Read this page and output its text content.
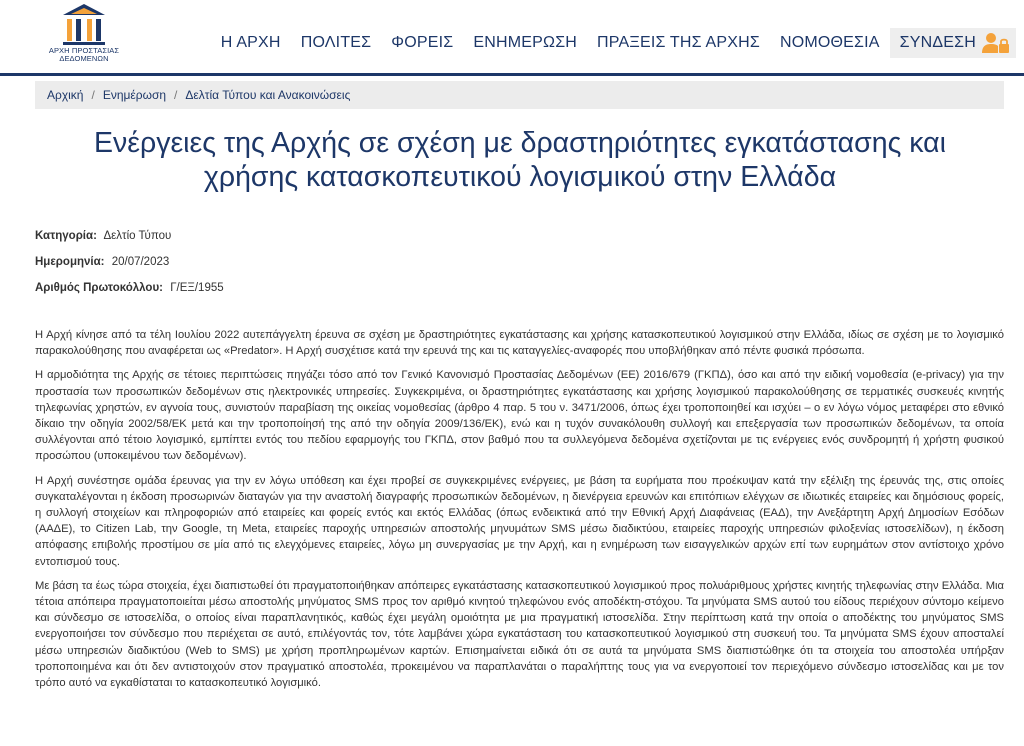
ΑΡΧΗ ΠΡΟΣΤΑΣΙΑΣ
ΔΕΔΟΜΕΝΩΝ
Η ΑΡΧΗ	ΠΟΛΙΤΕΣ	ΦΟΡΕΙΣ	ΕΝΗΜΕΡΩΣΗ	ΠΡΑΞΕΙΣ ΤΗΣ ΑΡΧΗΣ	ΝΟΜΟΘΕΣΙΑ	ΣΥΝΔΕΣΗ
Αρχική / Ενημέρωση / Δελτία Τύπου και Ανακοινώσεις
Ενέργειες της Αρχής σε σχέση με δραστηριότητες εγκατάστασης και
χρήσης κατασκοπευτικού λογισμικού στην Ελλάδα
Κατηγορία: Δελτίο Τύπου
Ημερομηνία: 20/07/2023
Αριθμός Πρωτοκόλλου: Γ/ΕΞ/1955

Η Αρχή κίνησε από τα τέλη Ιουλίου 2022 αυτεπάγγελτη έρευνα σε σχέση με δραστηριότητες εγκατάστασης και χρήσης κατασκοπευτικού λογισμικού στην Ελλάδα, ιδίως σε σχέση με το λογισμικό παρακολούθησης που αναφέρεται ως «Predator». Η Αρχή συσχέτισε κατά την ερευνά της και τις καταγγελίες-αναφορές που υποβλήθηκαν από πέντε φυσικά πρόσωπα.

Η αρμοδιότητα της Αρχής σε τέτοιες περιπτώσεις πηγάζει τόσο από τον Γενικό Κανονισμό Προστασίας Δεδομένων (ΕΕ) 2016/679 (ΓΚΠΔ), όσο και από την ειδική νομοθεσία (e-privacy) για την προστασία των προσωπικών δεδομένων στις ηλεκτρονικές υπηρεσίες. Συγκεκριμένα, οι δραστηριότητες εγκατάστασης και χρήσης λογισμικού παρακολούθησης σε τερματικές συσκευές κινητής τηλεφωνίας χρηστών, εν αγνοία τους, συνιστούν παραβίαση της οικείας νομοθεσίας (άρθρο 4 παρ. 5 του ν. 3471/2006, όπως έχει τροποποιηθεί και ισχύει – ο εν λόγω νόμος μεταφέρει στο εθνικό δίκαιο την οδηγία 2002/58/ΕΚ μετά και την τροποποίησή της από την οδηγία 2009/136/ΕΚ), ενώ και η τυχόν συνακόλουθη συλλογή και επεξεργασία των προσωπικών δεδομένων, τα οποία συλλέγονται από τέτοιο λογισμικό, εμπίπτει εντός του πεδίου εφαρμογής του ΓΚΠΔ, στον βαθμό που τα συλλεγόμενα δεδομένα σχετίζονται με τις ενέργειες ενός συνδρομητή ή χρήστη φυσικού προσώπου (υποκειμένου των δεδομένων).

Η Αρχή συνέστησε ομάδα έρευνας για την εν λόγω υπόθεση και έχει προβεί σε συγκεκριμένες ενέργειες, με βάση τα ευρήματα που προέκυψαν κατά την εξέλιξη της έρευνάς της, στις οποίες συγκαταλέγονται η έκδοση προσωρινών διαταγών για την αναστολή διαγραφής προσωπικών δεδομένων, η διενέργεια ερευνών και επιτόπιων ελέγχων σε ιδιωτικές εταιρείες και δημόσιους φορείς, η συλλογή στοιχείων και πληροφοριών από εταιρείες και φορείς εντός και εκτός Ελλάδας (όπως ενδεικτικά από την Εθνική Αρχή Διαφάνειας (ΕΑΔ), την Ανεξάρτητη Αρχή Δημοσίων Εσόδων (ΑΑΔΕ), το Citizen Lab, την Google, τη Meta, εταιρείες παροχής υπηρεσιών αποστολής μηνυμάτων SMS μέσω διαδικτύου, εταιρείες παροχής υπηρεσιών φιλοξενίας ιστοσελίδων), η έκδοση απόφασης επιβολής προστίμου σε μία από τις ελεγχόμενες εταιρείες, λόγω μη συνεργασίας με την Αρχή, και η ενημέρωση των εισαγγελικών αρχών επί των ευρημάτων στον αντίστοιχο χρόνο εντοπισμού τους.

Με βάση τα έως τώρα στοιχεία, έχει διαπιστωθεί ότι πραγματοποιήθηκαν απόπειρες εγκατάστασης κατασκοπευτικού λογισμικού προς πολυάριθμους χρήστες κινητής τηλεφωνίας στην Ελλάδα. Μια τέτοια απόπειρα πραγματοποιείται μέσω αποστολής μηνύματος SMS προς τον αριθμό κινητού τηλεφώνου ενός αποδέκτη-στόχου. Τα μηνύματα SMS αυτού του είδους περιέχουν σύντομο κείμενο και σύνδεσμο σε ιστοσελίδα, ο οποίος είναι παραπλανητικός, καθώς έχει μεγάλη ομοιότητα με μια πραγματική ιστοσελίδα. Στην περίπτωση κατά την οποία ο αποδέκτης του μηνύματος SMS ενεργοποιήσει τον σύνδεσμο που περιέχεται σε αυτό, επιλέγοντάς τον, τότε λαμβάνει χώρα εγκατάσταση του κατασκοπευτικού λογισμικού στη συσκευή του. Τα μηνύματα SMS έχουν αποσταλεί μέσω υπηρεσιών διαδικτύου (Web to SMS) με χρήση προπληρωμένων καρτών. Επισημαίνεται ειδικά ότι σε αυτά τα μηνύματα SMS διαπιστώθηκε ότι τα στοιχεία του αποστολέα υπήρξαν τροποποιημένα και ότι δεν αντιστοιχούν στον πραγματικό αποστολέα, προκειμένου να παραπλανάται ο παραλήπτης τους για να ενεργοποιεί τον περιεχόμενο σύνδεσμο ιστοσελίδας και με τον τρόπο αυτό να εγκαθίσταται το κατασκοπευτικό λογισμικό.
